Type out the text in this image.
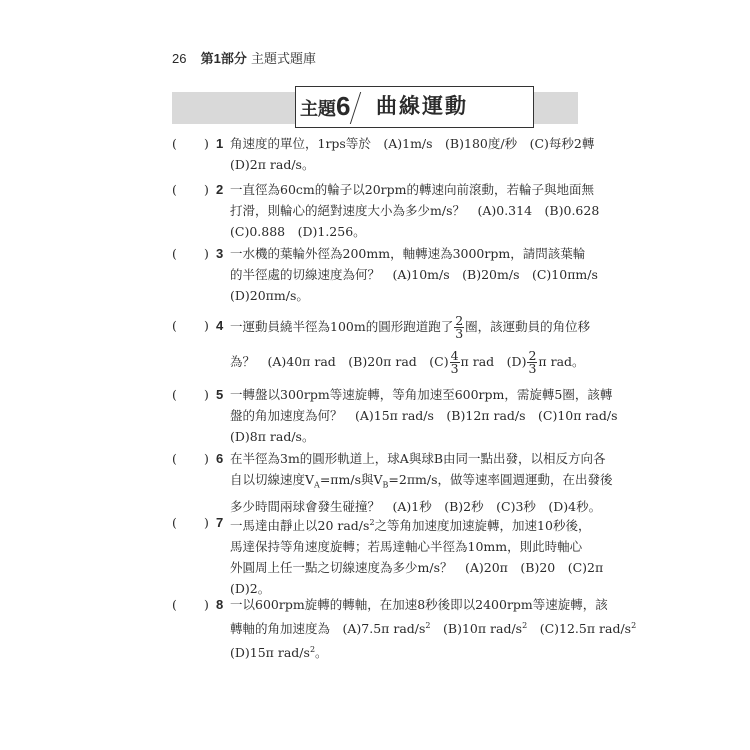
26 第1部分 主題式題庫
主題6 曲線運動
( ) 1 角速度的單位，1rps等於　(A)1m/s　(B)180度/秒　(C)每秒2轉
(D)2π rad/s。
( ) 2 一直徑為60cm的輪子以20rpm的轉速向前滾動，若輪子與地面無
打滑，則輪心的絕對速度大小為多少m/s？　(A)0.314　(B)0.628
(C)0.888　(D)1.256。
( ) 3 一水機的葉輪外徑為200mm，軸轉速為3000rpm，請問該葉輪
的半徑處的切線速度為何？　(A)10m/s　(B)20m/s　(C)10πm/s
(D)20πm/s。
( ) 4 一運動員繞半徑為100m的圓形跑道跑了 $\frac{2}{3}$ 圈，該運動員的角位移
為？　(A)40π rad　(B)20π rad　$(C) \frac{4}{3}$ π rad　$(D) \frac{2}{3}$ π rad。
( ) 5 一轉盤以300rpm等速旋轉，等角加速至600rpm，需旋轉5圈，該轉
盤的角加速度為何？　(A)15π rad/s　(B)12π rad/s　(C)10π rad/s
(D)8π rad/s。
( ) 6 在半徑為3m的圓形軌道上，球A與球B由同一點出發，以相反方向各
自以切線速度$V_A=\pi m/s$與$V_B=2\pi m/s$，做等速率圓週運動，在出發後
多少時間兩球會發生碰撞？　(A)1秒　(B)2秒　(C)3秒　(D)4秒。
( ) 7 一馬達由靜止以20 rad/$s^2$之等角加速度加速旋轉，加速10秒後，
馬達保持等角速度旋轉；若馬達軸心半徑為10mm，則此時軸心
外圓周上任一點之切線速度為多少m/s？　(A)20π　(B)20　(C)2π
(D)2。
( ) 8 一以600rpm旋轉的轉軸，在加速8秒後即以2400rpm等速旋轉，該
轉軸的角加速度為　(A)7.5π rad/$s^2$　(B)10π rad/$s^2$　(C)12.5π rad/$s^2$
(D)15π rad/$s^2$。
